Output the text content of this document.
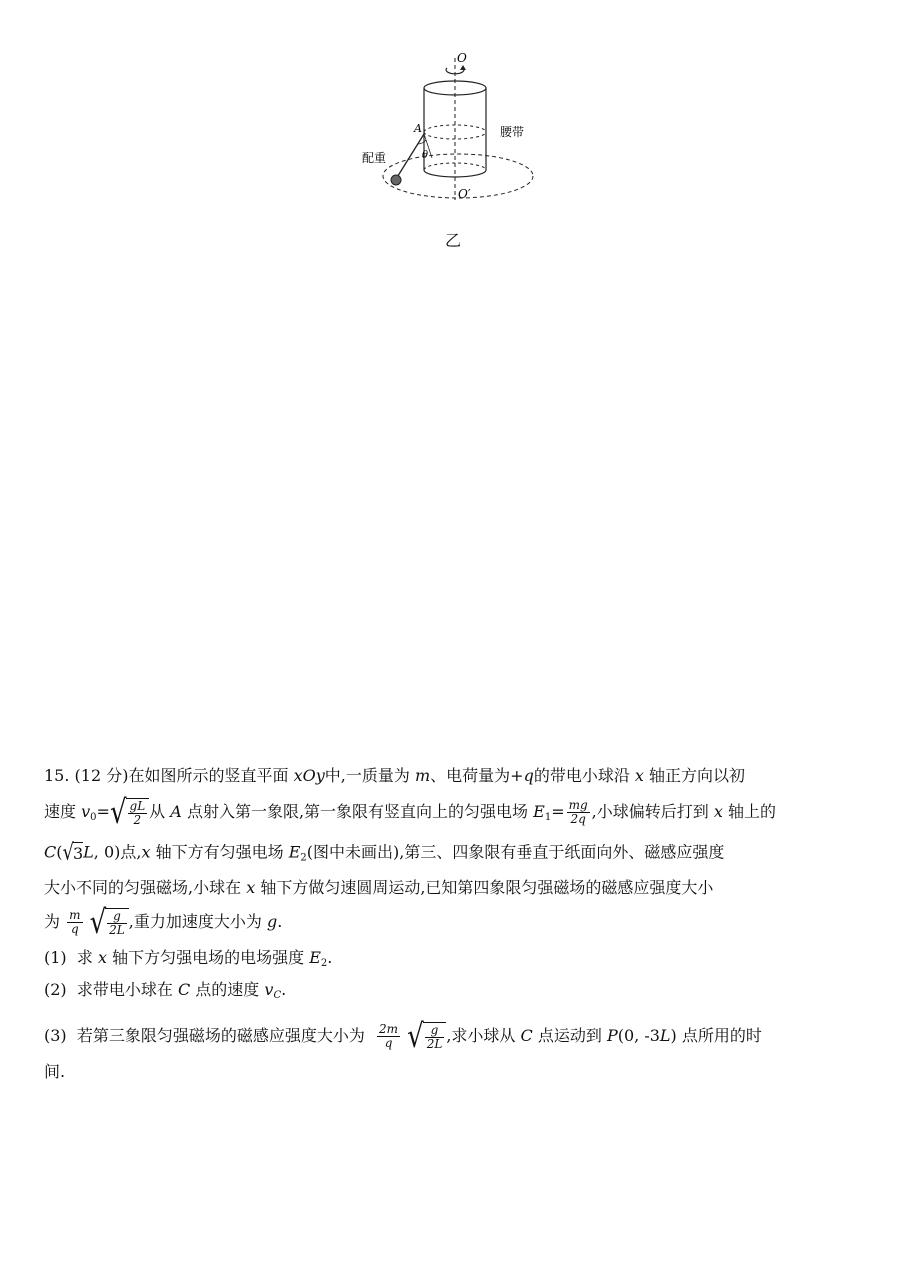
O
O′
A
θ
腰带
配重
乙
15. (12 分)在如图所示的竖直平面 xOy中,一质量为 m、电荷量为+q的带电小球沿 x 轴正方向以初
速度 $v_0=$ √ $\frac{gL}{2}$ 从 A 点射入第一象限,第一象限有竖直向上的匀强电场 $E_1= \frac{mg}{2q}$ ,小球偏转后打到 x 轴上的
C( √ 3 L, 0)点,x 轴下方有匀强电场 $E_2$(图中未画出),第三、四象限有垂直于纸面向外、磁感应强度
大小不同的匀强磁场,小球在 x 轴下方做匀速圆周运动,已知第四象限匀强磁场的磁感应强度大小
为 $\frac{m}{q}$
√ $\frac{g}{2L}$ ,重力加速度大小为 g.
(1) 求 x 轴下方匀强电场的电场强度 $E_2$.
(2) 求带电小球在 C 点的速度 $v_C$.
(3) 若第三象限匀强磁场的磁感应强度大小为 $\frac{2m}{q}$
√ $\frac{g}{2L}$ ,求小球从 C 点运动到 P(0, -3L) 点所用的时
间.
